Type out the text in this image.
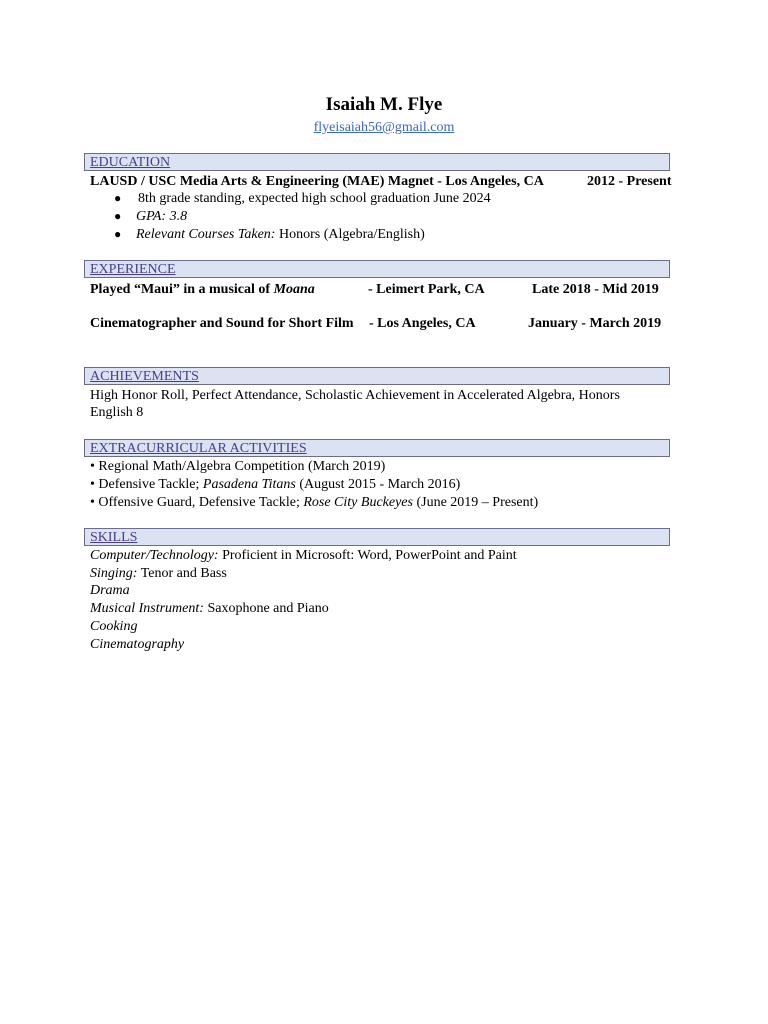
Isaiah M. Flye
flyeisaiah56@gmail.com
EDUCATION
LAUSD / USC Media Arts & Engineering (MAE) Magnet - Los Angeles, CA	2012 - Present
● 8th grade standing, expected high school graduation June 2024
● GPA: 3.8
● Relevant Courses Taken: Honors (Algebra/English)
EXPERIENCE
Played “Maui” in a musical of Moana	- Leimert Park, CA	Late 2018 - Mid 2019
Cinematographer and Sound for Short Film - Los Angeles, CA	January - March 2019
ACHIEVEMENTS
High Honor Roll, Perfect Attendance, Scholastic Achievement in Accelerated Algebra, Honors English 8
EXTRACURRICULAR ACTIVITIES
• Regional Math/Algebra Competition (March 2019)
• Defensive Tackle; Pasadena Titans (August 2015 - March 2016)
• Offensive Guard, Defensive Tackle; Rose City Buckeyes (June 2019 – Present)
SKILLS
Computer/Technology: Proficient in Microsoft: Word, PowerPoint and Paint
Singing: Tenor and Bass
Drama
Musical Instrument: Saxophone and Piano
Cooking
Cinematography
